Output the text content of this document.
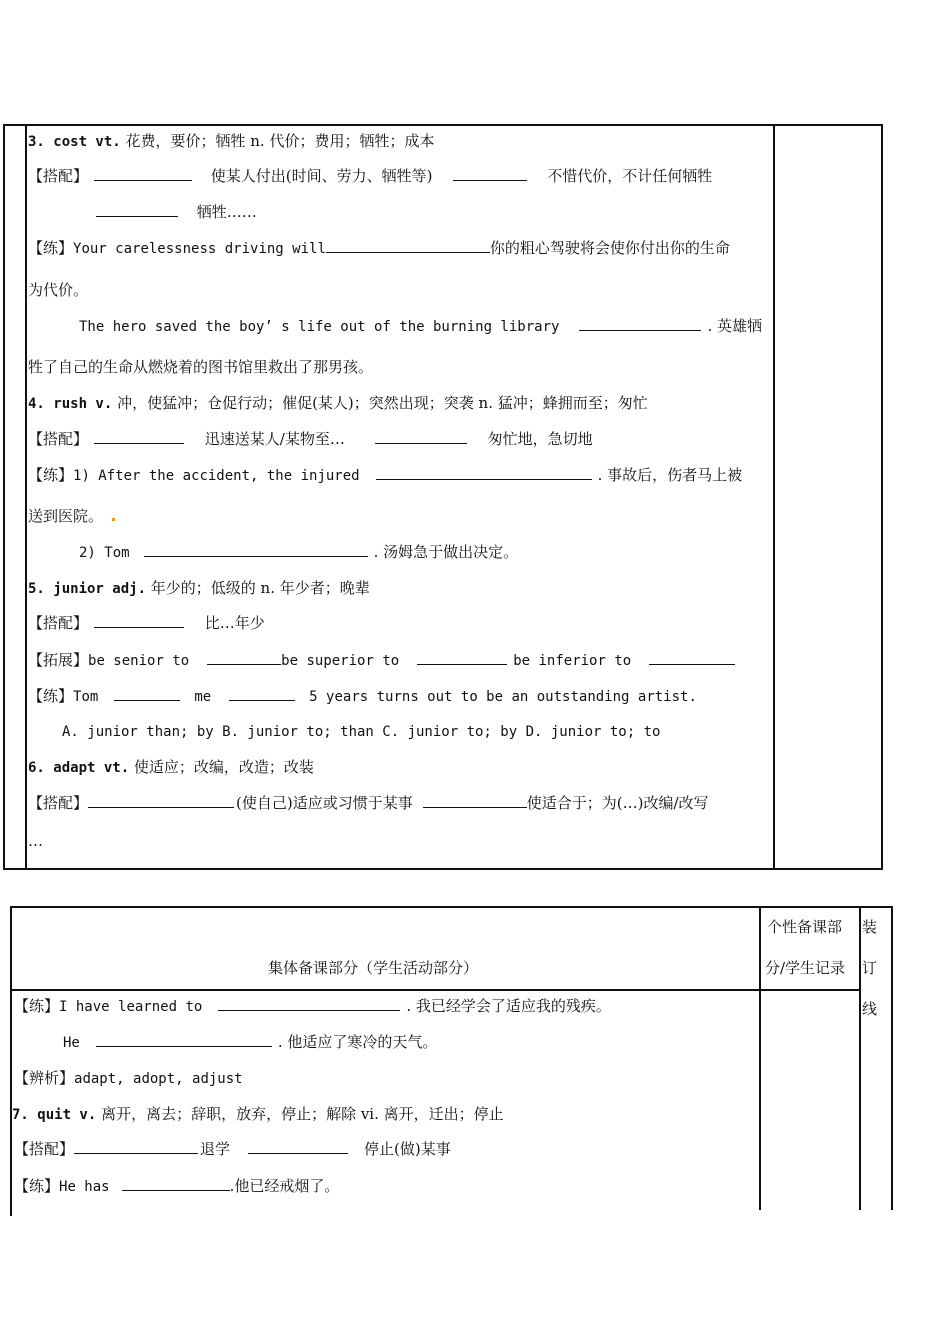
3. cost vt. 花费，要价；牺牲 n. 代价；费用；牺牲；成本
【搭配】	使某人付出(时间、劳力、牺牲等)	不惜代价，不计任何牺牲
牺牲……
【练】Your carelessness driving will	你的粗心驾驶将会使你付出你的生命
为代价。
The hero saved the boy’ s life out of the burning library	. 英雄牺
牲了自己的生命从燃烧着的图书馆里救出了那男孩。
4. rush v. 冲，使猛冲；仓促行动；催促(某人)；突然出现；突袭 n. 猛冲；蜂拥而至；匆忙
【搭配】	迅速送某人/某物至…	匆忙地，急切地
【练】1) After the accident, the injured	. 事故后，伤者马上被
送到医院。
2) Tom	. 汤姆急于做出决定。
5. junior adj. 年少的；低级的 n. 年少者；晚辈
【搭配】	比…年少
【拓展】be senior to	be superior to	be inferior to
【练】Tom	me	5 years turns out to be an outstanding artist.
A. junior than; by B. junior to; than C. junior to; by D. junior to; to
6. adapt vt. 使适应；改编，改造；改装
【搭配】	(使自己)适应或习惯于某事	使适合于；为(…)改编/改写
…
集体备课部分（学生活动部分）
个性备课部
分/学生记录
装
订
线
【练】I have learned to	. 我已经学会了适应我的残疾。
He	. 他适应了寒冷的天气。
【辨析】adapt, adopt, adjust
7. quit v. 离开，离去；辞职，放弃，停止；解除 vi. 离开，迁出；停止
【搭配】	退学	停止(做)某事
【练】He has	.他已经戒烟了。
